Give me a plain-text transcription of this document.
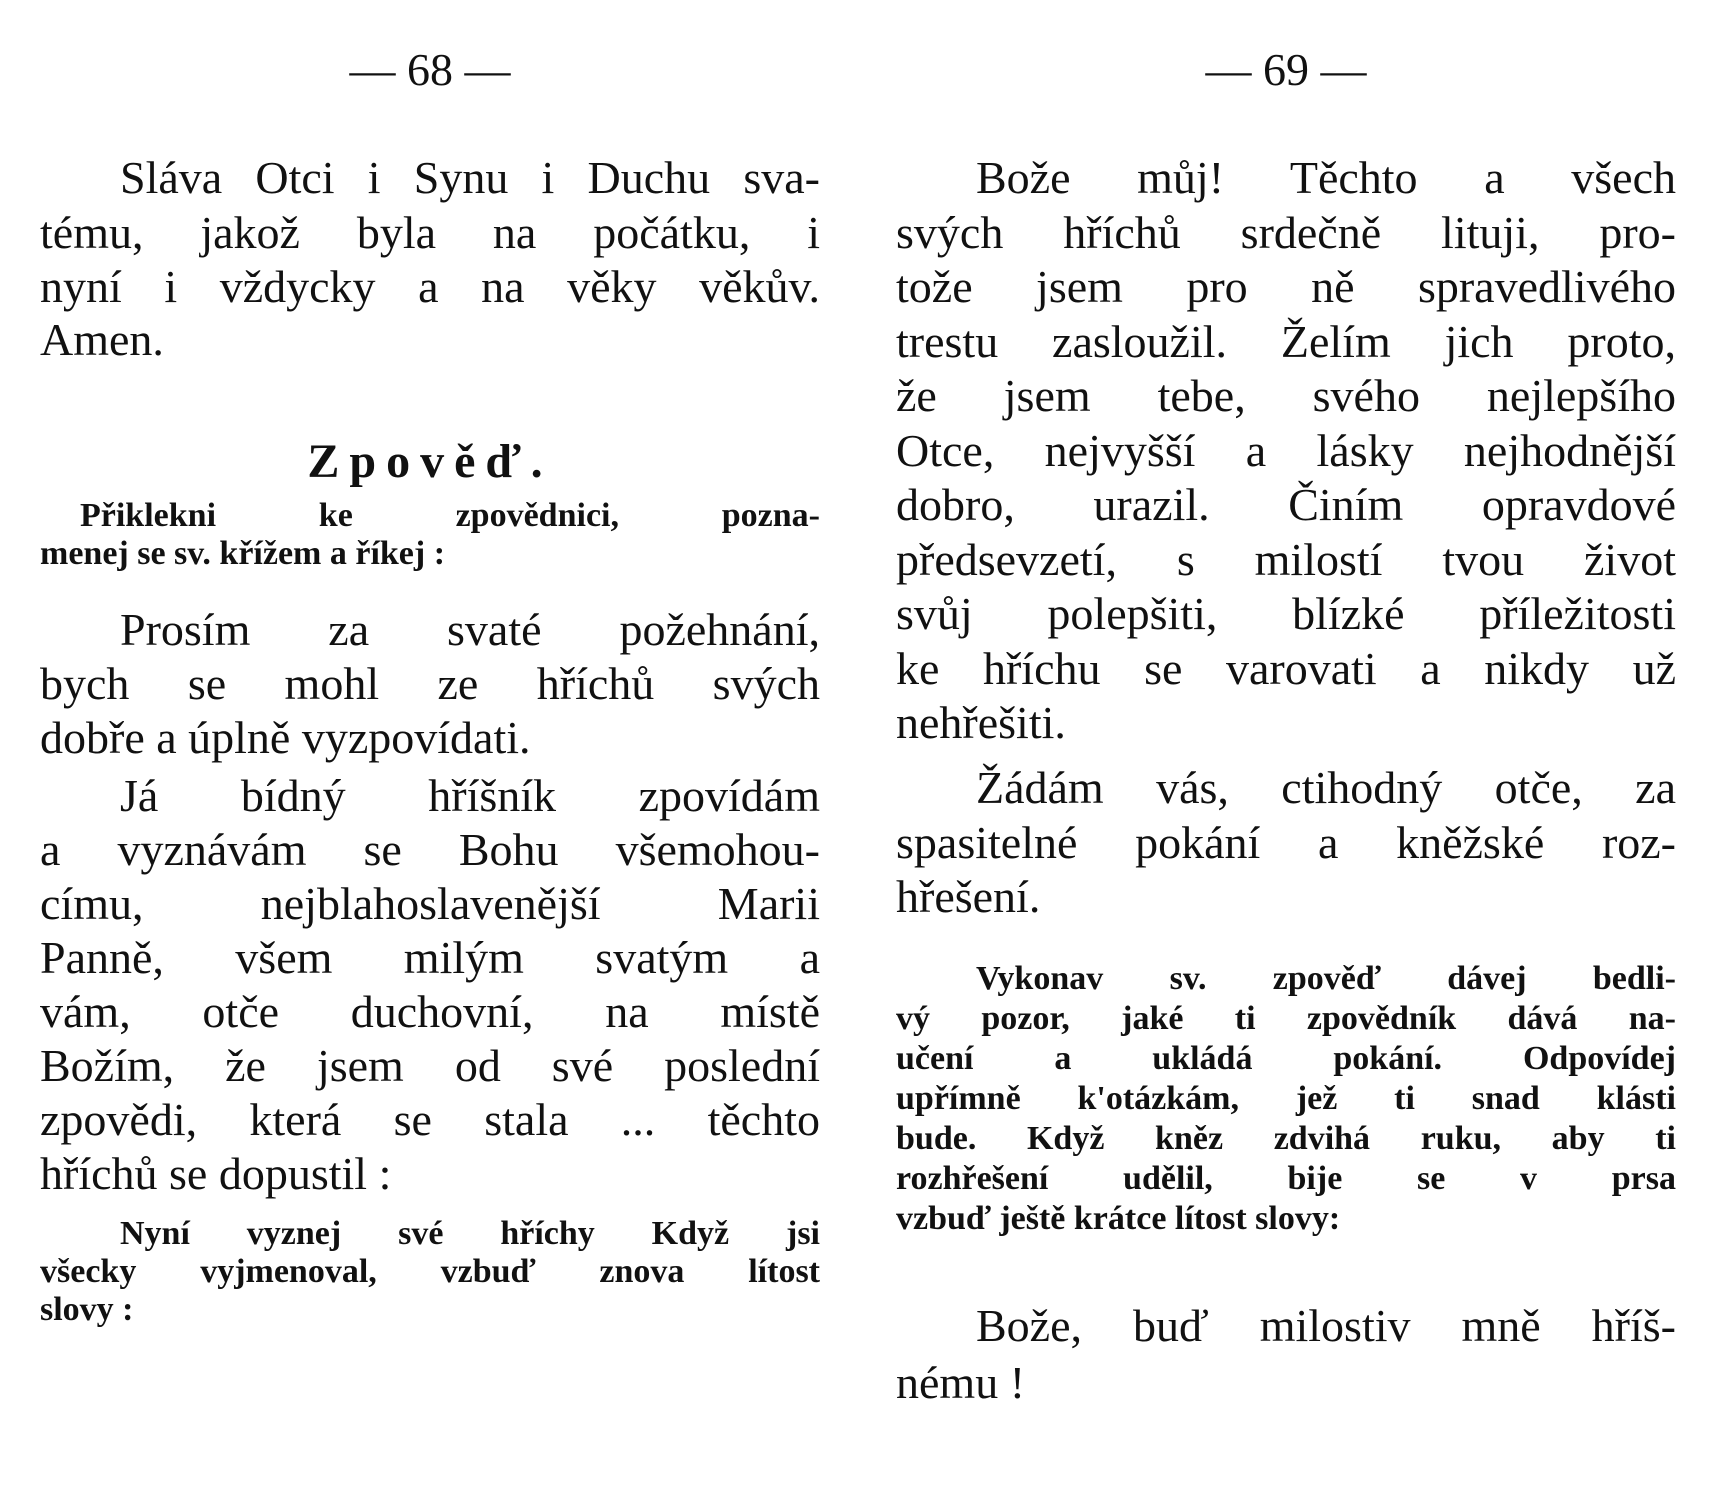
— 68 —
Sláva Otci i Synu i Duchu sva-
tému, jakož byla na počátku, i
nyní i vždycky a na věky věkův.
Amen.
Zpověď.
Přiklekni ke zpovědnici, pozna-
menej se sv. křížem a říkej :
Prosím za svaté požehnání,
bych se mohl ze hříchů svých
dobře a úplně vyzpovídati.
Já bídný hříšník zpovídám
a vyznávám se Bohu všemohou-
címu, nejblahoslavenější Marii
Panně, všem milým svatým a
vám, otče duchovní, na místě
Božím, že jsem od své poslední
zpovědi, která se stala ... těchto
hříchů se dopustil :
Nyní vyznej své hříchy Když jsi
všecky vyjmenoval, vzbuď znova lítost
slovy :
— 69 —
Bože můj! Těchto a všech
svých hříchů srdečně lituji, pro-
tože jsem pro ně spravedlivého
trestu zasloužil. Želím jich proto,
že jsem tebe, svého nejlepšího
Otce, nejvyšší a lásky nejhodnější
dobro, urazil. Činím opravdové
předsevzetí, s milostí tvou život
svůj polepšiti, blízké příležitosti
ke hříchu se varovati a nikdy už
nehřešiti.
Žádám vás, ctihodný otče, za
spasitelné pokání a kněžské roz-
hřešení.
Vykonav sv. zpověď dávej bedli-
vý pozor, jaké ti zpovědník dává na-
učení a ukládá pokání. Odpovídej
upřímně k'otázkám, jež ti snad klásti
bude. Když kněz zdvihá ruku, aby ti
rozhřešení udělil, bije se v prsa
vzbuď ještě krátce lítost slovy:
Bože, buď milostiv mně hříš-
nému !
